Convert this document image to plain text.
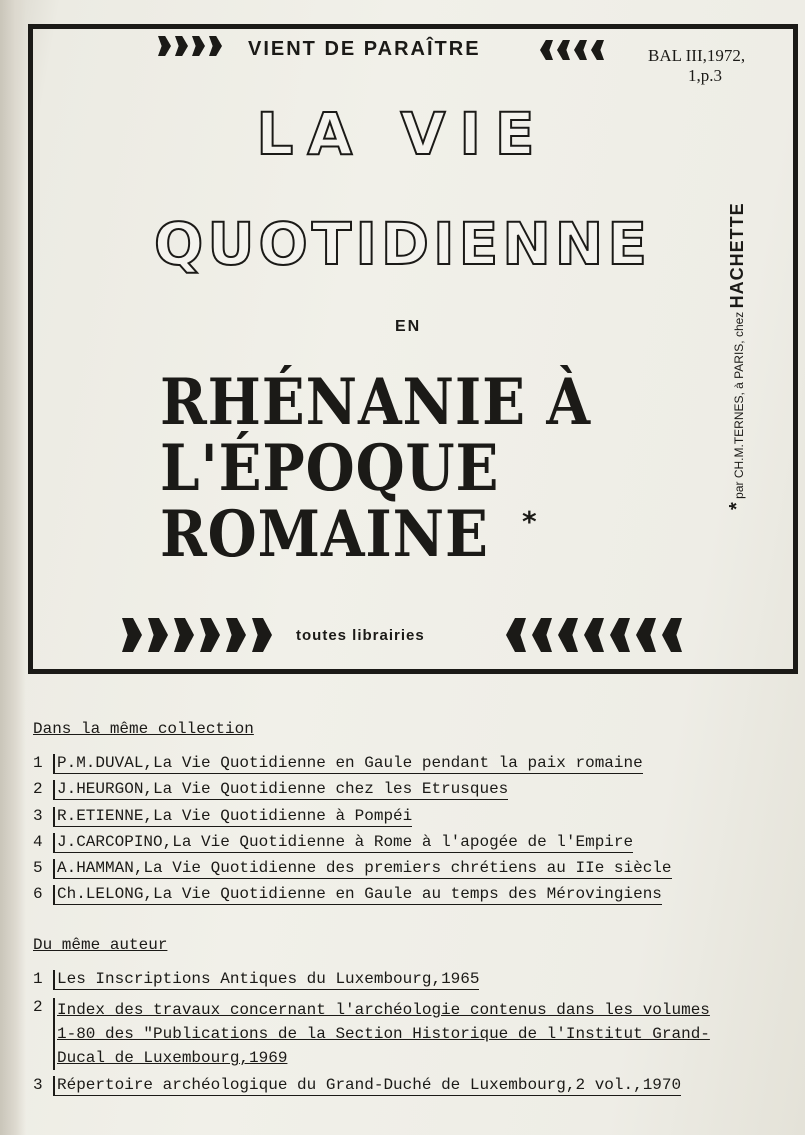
VIENT DE PARAÎTRE	BAL III,1972,
1,p.3
LA VIE
QUOTIDIENNE
EN
RHÉNANIE À
L'ÉPOQUE
ROMAINE *	* par CH.M.TERNES, à PARIS, chez HACHETTE
toutes librairies
Dans la même collection
1 P.M.DUVAL,La Vie Quotidienne en Gaule pendant la paix romaine
2 J.HEURGON,La Vie Quotidienne chez les Etrusques
3 R.ETIENNE,La Vie Quotidienne à Pompéi
4 J.CARCOPINO,La Vie Quotidienne à Rome à l'apogée de l'Empire
5 A.HAMMAN,La Vie Quotidienne des premiers chrétiens au IIe siècle
6 Ch.LELONG,La Vie Quotidienne en Gaule au temps des Mérovingiens
Du même auteur
1 Les Inscriptions Antiques du Luxembourg,1965
2 Index des travaux concernant l'archéologie contenus dans les volumes
1-80 des "Publications de la Section Historique de l'Institut Grand-
Ducal de Luxembourg,1969
3 Répertoire archéologique du Grand-Duché de Luxembourg,2 vol.,1970
